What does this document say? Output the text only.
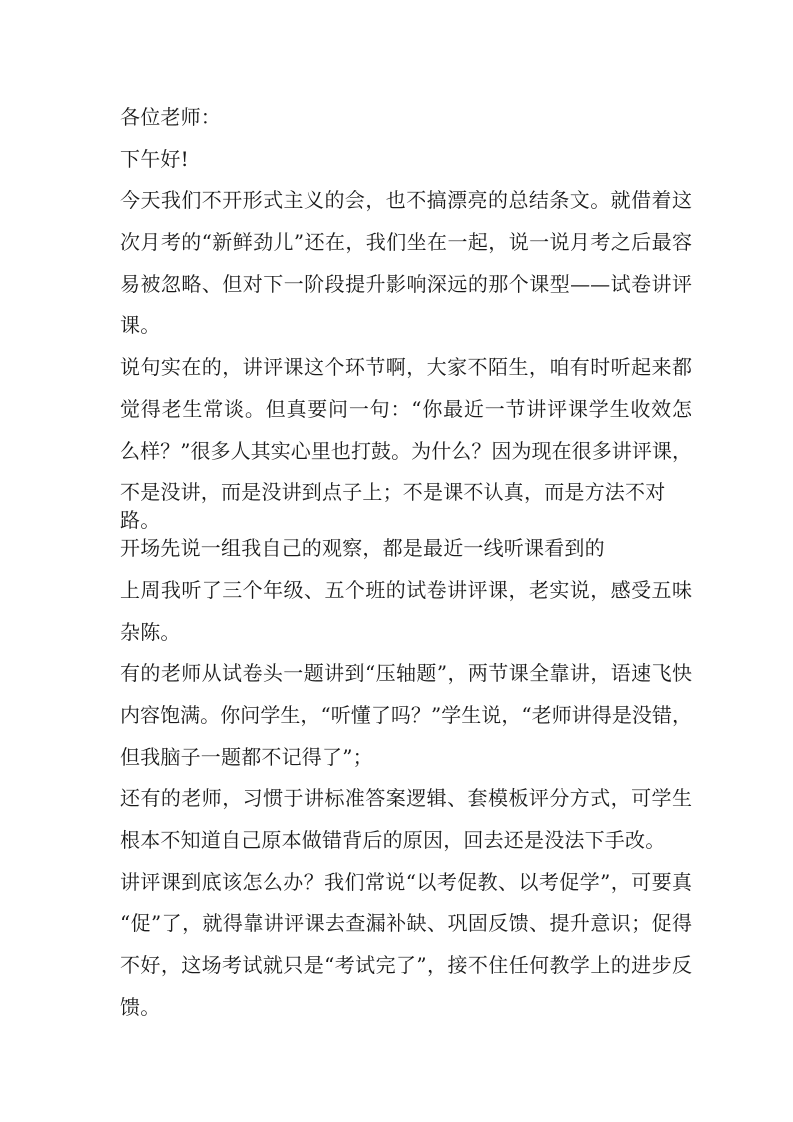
各位老师：
下午好!
今天我们不开形式主义的会，也不搞漂亮的总结条文。就借着这
次月考的“新鲜劲儿”还在，我们坐在一起，说一说月考之后最容
易被忽略、但对下一阶段提升影响深远的那个课型——试卷讲评
课。
说句实在的，讲评课这个环节啊，大家不陌生，咱有时听起来都
觉得老生常谈。但真要问一句：“你最近一节讲评课学生收效怎
么样？”很多人其实心里也打鼓。为什么？因为现在很多讲评课，
不是没讲，而是没讲到点子上；不是课不认真，而是方法不对路。
开场先说一组我自己的观察，都是最近一线听课看到的
上周我听了三个年级、五个班的试卷讲评课，老实说，感受五味
杂陈。
有的老师从试卷头一题讲到“压轴题”，两节课全靠讲，语速飞快
内容饱满。你问学生，“听懂了吗？”学生说，“老师讲得是没错，
但我脑子一题都不记得了”；
还有的老师，习惯于讲标准答案逻辑、套模板评分方式，可学生
根本不知道自己原本做错背后的原因，回去还是没法下手改。
讲评课到底该怎么办？我们常说“以考促教、以考促学”，可要真
“促”了，就得靠讲评课去查漏补缺、巩固反馈、提升意识；促得
不好，这场考试就只是“考试完了”，接不住任何教学上的进步反
馈。
